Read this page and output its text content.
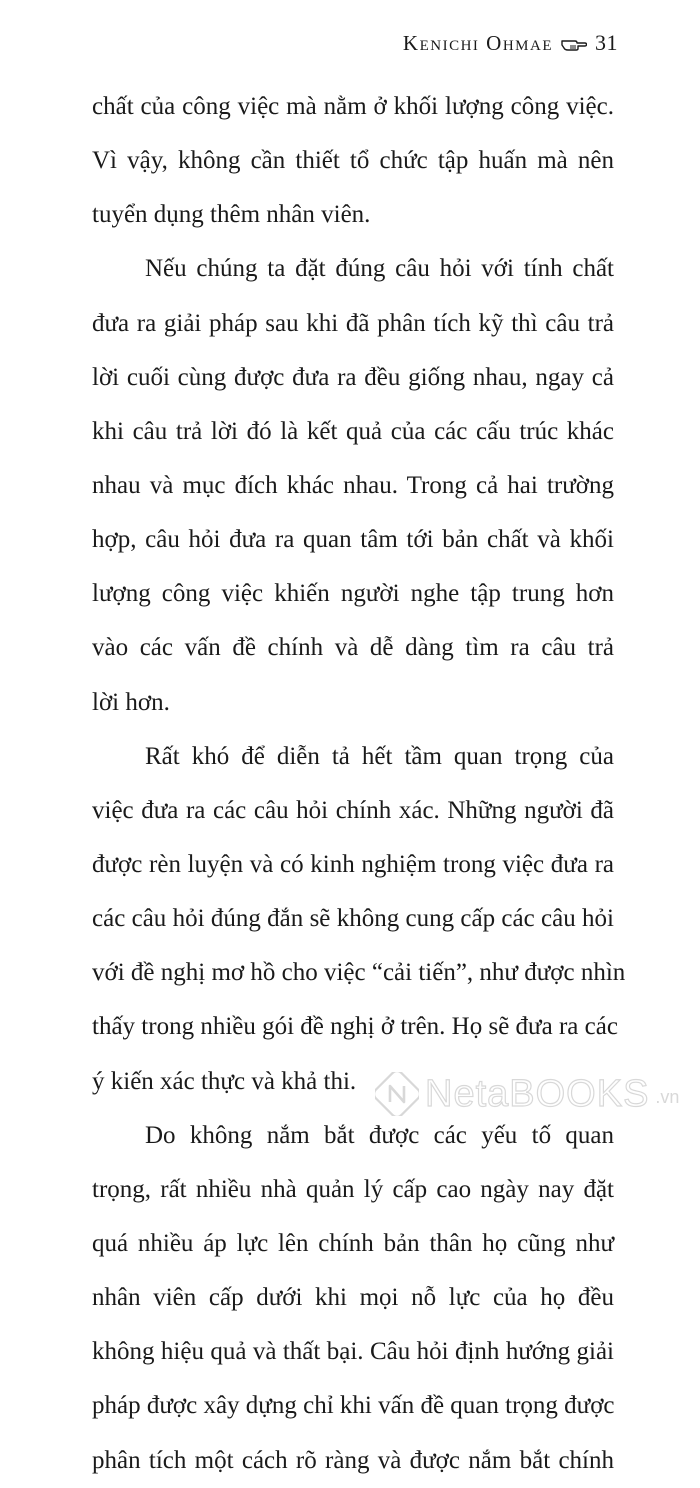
Kenichi Ohmae 31
chất của công việc mà nằm ở khối lượng công việc.
Vì vậy, không cần thiết tổ chức tập huấn mà nên
tuyển dụng thêm nhân viên.
Nếu chúng ta đặt đúng câu hỏi với tính chất
đưa ra giải pháp sau khi đã phân tích kỹ thì câu trả
lời cuối cùng được đưa ra đều giống nhau, ngay cả
khi câu trả lời đó là kết quả của các cấu trúc khác
nhau và mục đích khác nhau. Trong cả hai trường
hợp, câu hỏi đưa ra quan tâm tới bản chất và khối
lượng công việc khiến người nghe tập trung hơn
vào các vấn đề chính và dễ dàng tìm ra câu trả
lời hơn.
Rất khó để diễn tả hết tầm quan trọng của
việc đưa ra các câu hỏi chính xác. Những người đã
được rèn luyện và có kinh nghiệm trong việc đưa ra
các câu hỏi đúng đắn sẽ không cung cấp các câu hỏi
với đề nghị mơ hồ cho việc “cải tiến”, như được nhìn
thấy trong nhiều gói đề nghị ở trên. Họ sẽ đưa ra các
ý kiến xác thực và khả thi.
Do không nắm bắt được các yếu tố quan
trọng, rất nhiều nhà quản lý cấp cao ngày nay đặt
quá nhiều áp lực lên chính bản thân họ cũng như
nhân viên cấp dưới khi mọi nỗ lực của họ đều
không hiệu quả và thất bại. Câu hỏi định hướng giải
pháp được xây dựng chỉ khi vấn đề quan trọng được
phân tích một cách rõ ràng và được nắm bắt chính
NetaBOOKS .vn
